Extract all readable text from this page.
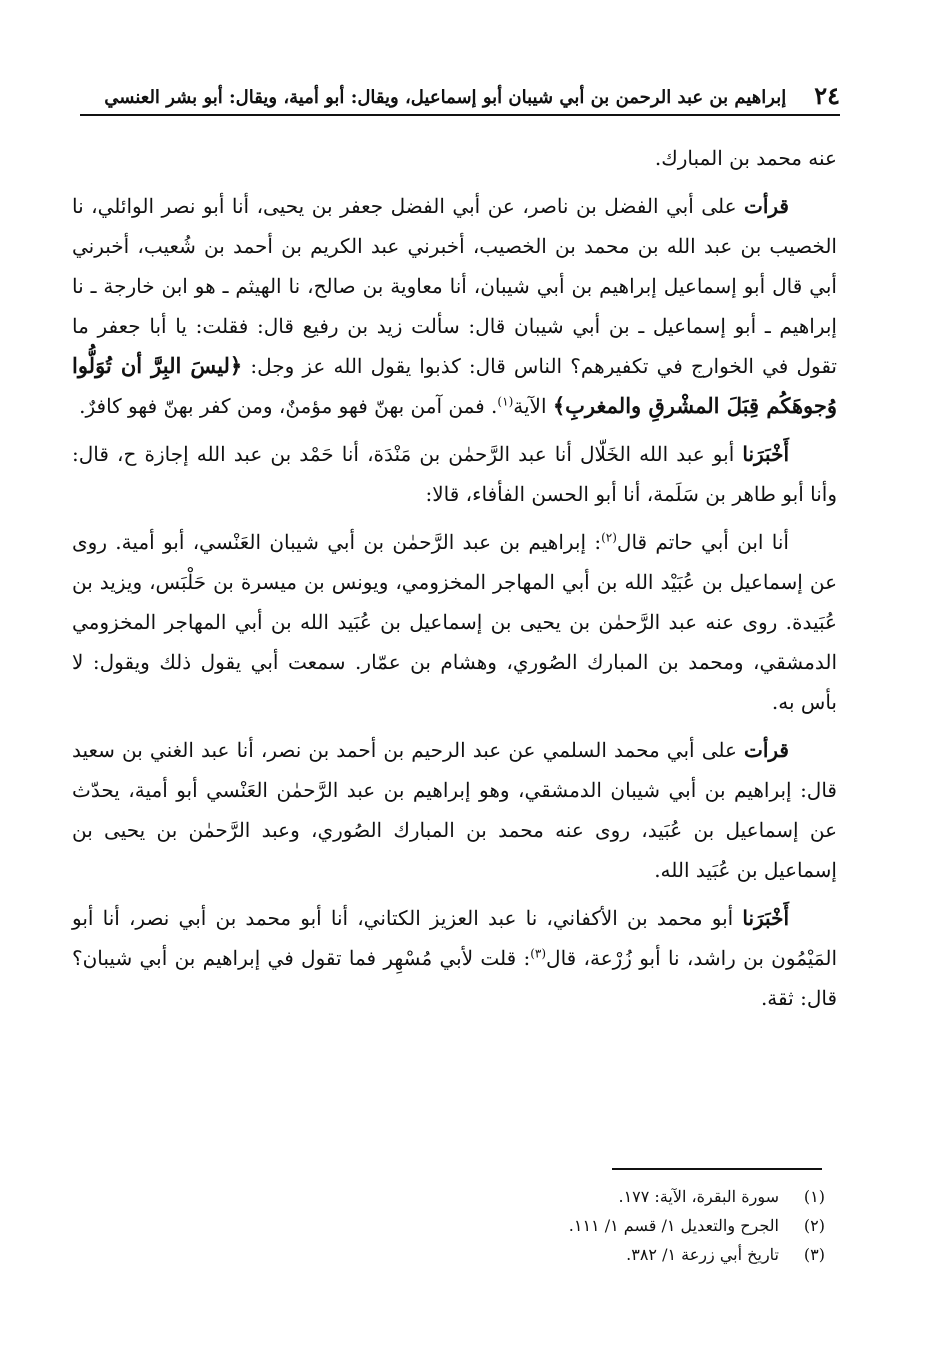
٢٤
إبراهيم بن عبد الرحمن بن أبي شيبان أبو إسماعيل، ويقال: أبو أمية، ويقال: أبو بشر العنسي

عنه محمد بن المبارك.

قرأت على أبي الفضل بن ناصر، عن أبي الفضل جعفر بن يحيى، أنا أبو نصر الوائلي، نا الخصيب بن عبد الله بن محمد بن الخصيب، أخبرني عبد الكريم بن أحمد بن شُعيب، أخبرني أبي قال أبو إسماعيل إبراهيم بن أبي شيبان، أنا معاوية بن صالح، نا الهيثم ـ هو ابن خارجة ـ نا إبراهيم ـ أبو إسماعيل ـ بن أبي شيبان قال: سألت زيد بن رفيع قال: فقلت: يا أبا جعفر ما تقول في الخوارج في تكفيرهم؟ الناس قال: كذبوا يقول الله عز وجل: ﴿ليسَ البِرَّ أن تُوَلُّوا وُجوهَكُم قِبَلَ المشْرقِ والمغربِ﴾ الآية$^{(١)}$. فمن آمن بهنّ فهو مؤمنٌ، ومن كفر بهنّ فهو كافرٌ.

أَخْبَرَنا أبو عبد الله الخَلّال أنا عبد الرَّحمٰن بن مَنْدَة، أنا حَمْد بن عبد الله إجازة ح، قال: وأنا أبو طاهر بن سَلَمة، أنا أبو الحسن الفأفاء، قالا:

أنا ابن أبي حاتم قال$^{(٢)}$: إبراهيم بن عبد الرَّحمٰن بن أبي شيبان العَنْسي، أبو أمية. روى عن إسماعيل بن عُبَيْد الله بن أبي المهاجر المخزومي، ويونس بن ميسرة بن حَلْبَس، ويزيد بن عُبَيدة. روى عنه عبد الرَّحمٰن بن يحيى بن إسماعيل بن عُبَيد الله بن أبي المهاجر المخزومي الدمشقي، ومحمد بن المبارك الصُوري، وهشام بن عمّار. سمعت أبي يقول ذلك ويقول: لا بأس به.

قرأت على أبي محمد السلمي عن عبد الرحيم بن أحمد بن نصر، أنا عبد الغني بن سعيد قال: إبراهيم بن أبي شيبان الدمشقي، وهو إبراهيم بن عبد الرَّحمٰن العَنْسي أبو أمية، يحدّث عن إسماعيل بن عُبَيد، روى عنه محمد بن المبارك الصُوري، وعبد الرَّحمٰن بن يحيى بن إسماعيل بن عُبَيد الله.

أَخْبَرَنا أبو محمد بن الأكفاني، نا عبد العزيز الكتاني، أنا أبو محمد بن أبي نصر، أنا أبو المَيْمُون بن راشد، نا أبو زُرْعة، قال$^{(٣)}$: قلت لأبي مُسْهِر فما تقول في إبراهيم بن أبي شيبان؟ قال: ثقة.

(١)
سورة البقرة، الآية: ١٧٧.
(٢)
الجرح والتعديل ١/ قسم ١/ ١١١.
(٣)
تاريخ أبي زرعة ١/ ٣٨٢.
